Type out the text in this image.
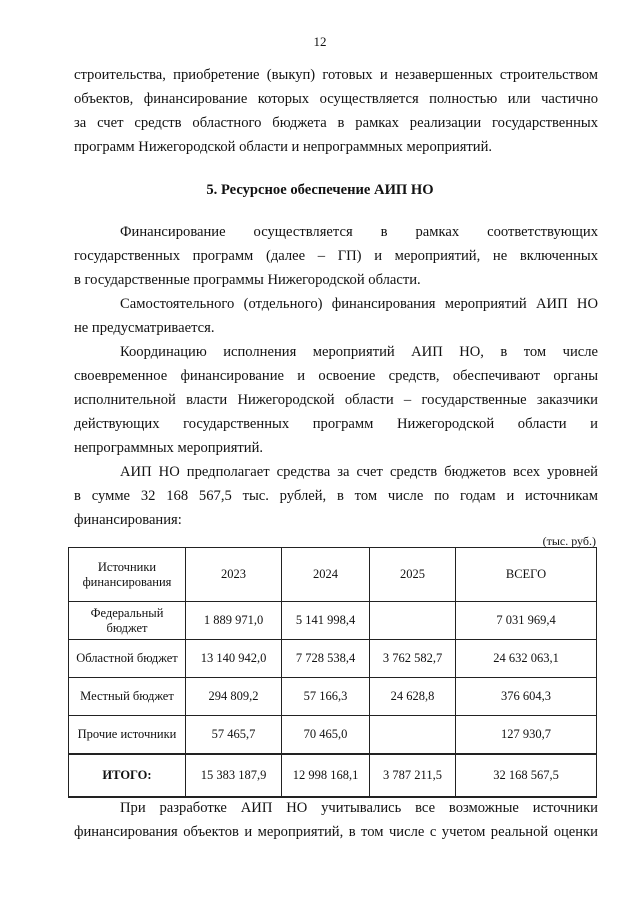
12
строительства, приобретение (выкуп) готовых и незавершенных строительством
объектов, финансирование которых осуществляется полностью или частично
за счет средств областного бюджета в рамках реализации государственных
программ Нижегородской области и непрограммных мероприятий.
5. Ресурсное обеспечение АИП НО
Финансирование осуществляется в рамках соответствующих
государственных программ (далее – ГП) и мероприятий, не включенных
в государственные программы Нижегородской области.
Самостоятельного (отдельного) финансирования мероприятий АИП НО
не предусматривается.
Координацию исполнения мероприятий АИП НО, в том числе
своевременное финансирование и освоение средств, обеспечивают органы
исполнительной власти Нижегородской области – государственные заказчики
действующих государственных программ Нижегородской области и
непрограммных мероприятий.
АИП НО предполагает средства за счет средств бюджетов всех уровней
в сумме 32 168 567,5 тыс. рублей, в том числе по годам и источникам
финансирования:
(тыс. руб.)
Источники финансирования	2023	2024	2025	ВСЕГО
Федеральный бюджет	1 889 971,0	5 141 998,4		7 031 969,4
Областной бюджет	13 140 942,0	7 728 538,4	3 762 582,7	24 632 063,1
Местный бюджет	294 809,2	57 166,3	24 628,8	376 604,3
Прочие источники	57 465,7	70 465,0		127 930,7
ИТОГО:	15 383 187,9	12 998 168,1	3 787 211,5	32 168 567,5
При разработке АИП НО учитывались все возможные источники
финансирования объектов и мероприятий, в том числе с учетом реальной оценки
